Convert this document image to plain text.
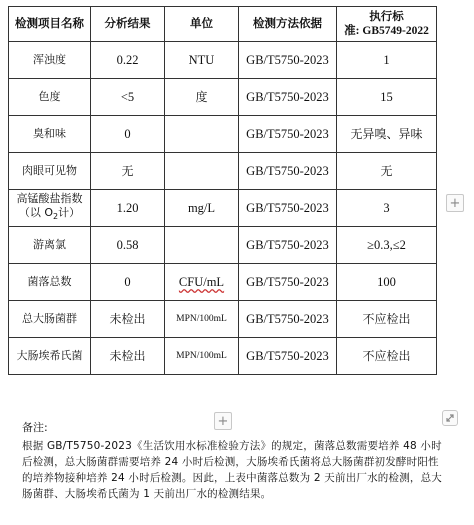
检测项目名称	分析结果	单位	检测方法依据	执行标
准: GB5749-2022

浑浊度	0.22	NTU	GB/T5750-2023	1
色度	<5	度	GB/T5750-2023	15
臭和味	0		GB/T5750-2023	无异嗅、异味
肉眼可见物	无		GB/T5750-2023	无

高锰酸盐指数
（以 $O_2$计）	1.20	mg/L	GB/T5750-2023	3
游离氯	0.58		GB/T5750-2023	≥0.3,≤2
菌落总数	0	CFU/mL	GB/T5750-2023	100
总大肠菌群	未检出	MPN/100mL	GB/T5750-2023	不应检出
大肠埃希氏菌	未检出	MPN/100mL	GB/T5750-2023	不应检出
+
+
备注:
根据 GB/T5750-2023《生活饮用水标准检验方法》的规定，菌落总数需要培养 48 小时后检测，总大肠菌群需要培养 24 小时后检测，大肠埃希氏菌将总大肠菌群初发酵时阳性的培养物接种培养 24 小时后检测。因此，上表中菌落总数为 2 天前出厂水的检测，总大肠菌群、大肠埃希氏菌为 1 天前出厂水的检测结果。
